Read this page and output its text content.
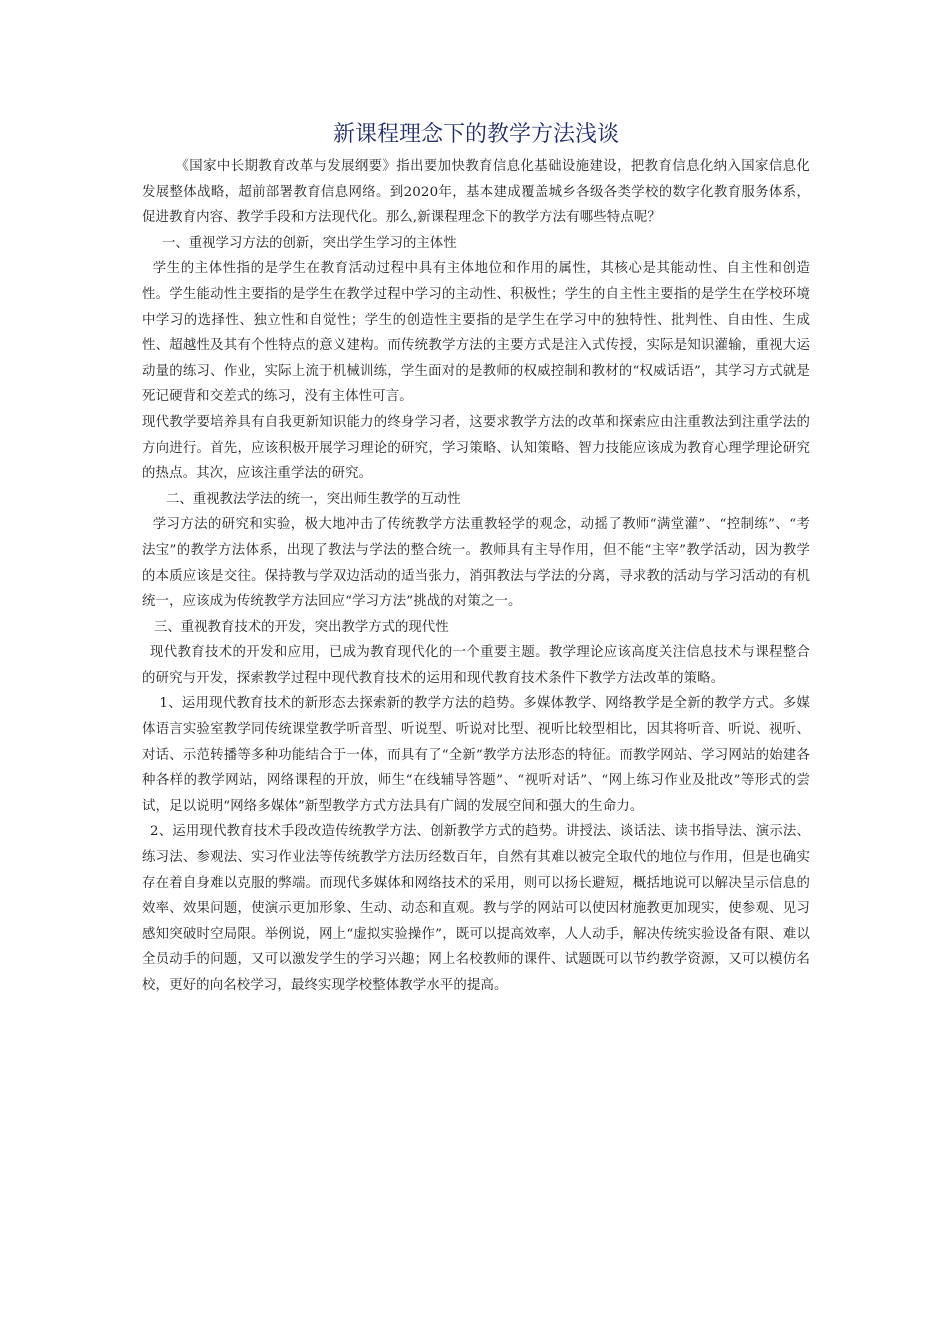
新课程理念下的教学方法浅谈

《国家中长期教育改革与发展纲要》指出要加快教育信息化基础设施建设，把教育信息化纳入国家信息化发展整体战略，超前部署教育信息网络。到2020年，基本建成覆盖城乡各级各类学校的数字化教育服务体系，促进教育内容、教学手段和方法现代化。那么,新课程理念下的教学方法有哪些特点呢？

一、重视学习方法的创新，突出学生学习的主体性

学生的主体性指的是学生在教育活动过程中具有主体地位和作用的属性，其核心是其能动性、自主性和创造性。学生能动性主要指的是学生在教学过程中学习的主动性、积极性；学生的自主性主要指的是学生在学校环境中学习的选择性、独立性和自觉性；学生的创造性主要指的是学生在学习中的独特性、批判性、自由性、生成性、超越性及其有个性特点的意义建构。而传统教学方法的主要方式是注入式传授，实际是知识灌输，重视大运动量的练习、作业，实际上流于机械训练，学生面对的是教师的权威控制和教材的“权威话语”，其学习方式就是死记硬背和交差式的练习，没有主体性可言。

现代教学要培养具有自我更新知识能力的终身学习者，这要求教学方法的改革和探索应由注重教法到注重学法的方向进行。首先，应该积极开展学习理论的研究，学习策略、认知策略、智力技能应该成为教育心理学理论研究的热点。其次，应该注重学法的研究。

二、重视教法学法的统一，突出师生教学的互动性

学习方法的研究和实验，极大地冲击了传统教学方法重教轻学的观念，动摇了教师“满堂灌”、“控制练”、“考法宝”的教学方法体系，出现了教法与学法的整合统一。教师具有主导作用，但不能“主宰”教学活动，因为教学的本质应该是交往。保持教与学双边活动的适当张力，消弭教法与学法的分离，寻求教的活动与学习活动的有机统一，应该成为传统教学方法回应“学习方法”挑战的对策之一。

三、重视教育技术的开发，突出教学方式的现代性

现代教育技术的开发和应用，已成为教育现代化的一个重要主题。教学理论应该高度关注信息技术与课程整合的研究与开发，探索教学过程中现代教育技术的运用和现代教育技术条件下教学方法改革的策略。

1、运用现代教育技术的新形态去探索新的教学方法的趋势。多媒体教学、网络教学是全新的教学方式。多媒体语言实验室教学同传统课堂教学听音型、听说型、听说对比型、视听比较型相比，因其将听音、听说、视听、对话、示范转播等多种功能结合于一体，而具有了“全新”教学方法形态的特征。而教学网站、学习网站的始建各种各样的教学网站，网络课程的开放，师生“在线辅导答题”、“视听对话”、“网上练习作业及批改”等形式的尝试，足以说明“网络多媒体”新型教学方式方法具有广阔的发展空间和强大的生命力。

2、运用现代教育技术手段改造传统教学方法、创新教学方式的趋势。讲授法、谈话法、读书指导法、演示法、练习法、参观法、实习作业法等传统教学方法历经数百年，自然有其难以被完全取代的地位与作用，但是也确实存在着自身难以克服的弊端。而现代多媒体和网络技术的采用，则可以扬长避短，概括地说可以解决呈示信息的效率、效果问题，使演示更加形象、生动、动态和直观。教与学的网站可以使因材施教更加现实，使参观、见习感知突破时空局限。举例说，网上“虚拟实验操作”，既可以提高效率，人人动手，解决传统实验设备有限、难以全员动手的问题，又可以激发学生的学习兴趣；网上名校教师的课件、试题既可以节约教学资源，又可以模仿名校，更好的向名校学习，最终实现学校整体教学水平的提高。
